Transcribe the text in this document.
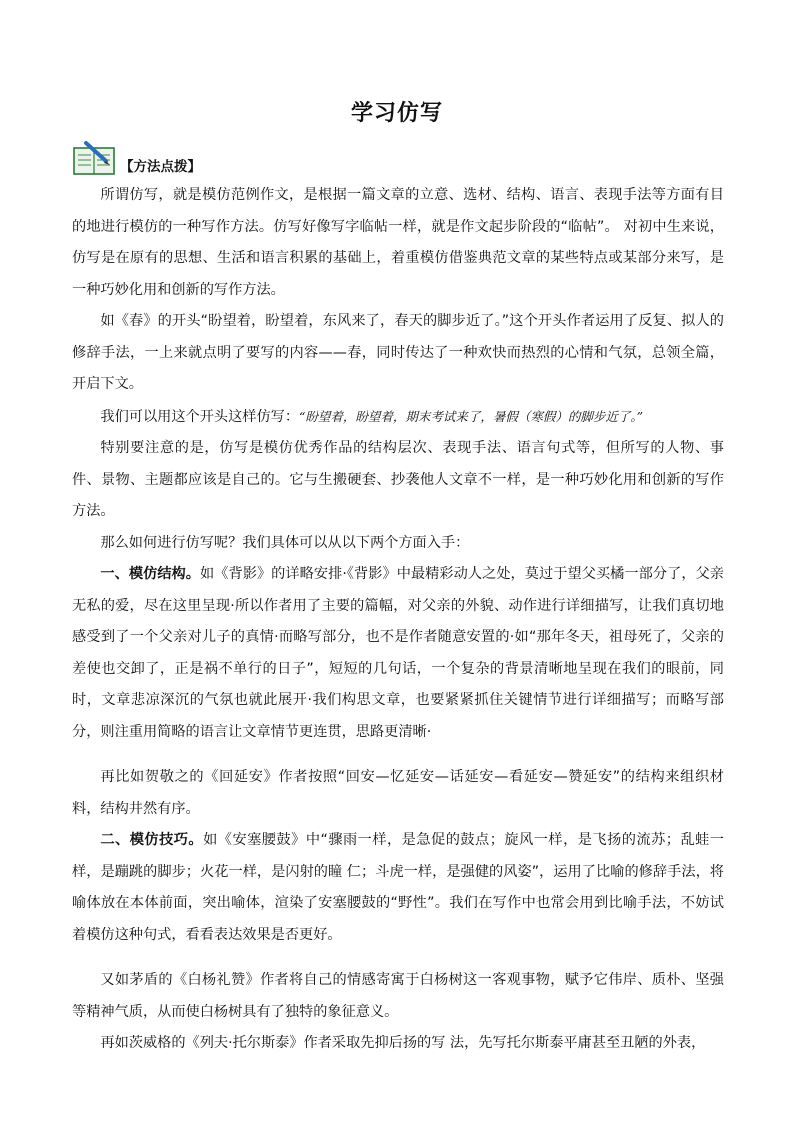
学习仿写
【方法点拨】

所谓仿写，就是模仿范例作文，是根据一篇文章的立意、选材、结构、语言、表现手法等方面有目的地进行模仿的一种写作方法。仿写好像写字临帖一样，就是作文起步阶段的“临帖”。 对初中生来说，仿写是在原有的思想、生活和语言积累的基础上，着重模仿借鉴典范文章的某些特点或某部分来写，是一种巧妙化用和创新的写作方法。

如《春》的开头“盼望着，盼望着，东风来了，春天的脚步近了。”这个开头作者运用了反复、拟人的修辞手法，一上来就点明了要写的内容——春，同时传达了一种欢快而热烈的心情和气氛，总领全篇，开启下文。

我们可以用这个开头这样仿写：“盼望着，盼望着，期末考试来了，暑假（寒假）的脚步近了。”

特别要注意的是，仿写是模仿优秀作品的结构层次、表现手法、语言句式等，但所写的人物、事件、景物、主题都应该是自己的。它与生搬硬套、抄袭他人文章不一样，是一种巧妙化用和创新的写作方法。

那么如何进行仿写呢？我们具体可以从以下两个方面入手：

一、模仿结构。如《背影》的详略安排·《背影》中最精彩动人之处，莫过于望父买橘一部分了，父亲无私的爱，尽在这里呈现·所以作者用了主要的篇幅，对父亲的外貌、动作进行详细描写，让我们真切地感受到了一个父亲对儿子的真情·而略写部分，也不是作者随意安置的·如“那年冬天，祖母死了，父亲的差使也交卸了，正是祸不单行的日子”，短短的几句话，一个复杂的背景清晰地呈现在我们的眼前，同时，文章悲凉深沉的气氛也就此展开·我们构思文章，也要紧紧抓住关键情节进行详细描写；而略写部分，则注重用简略的语言让文章情节更连贯，思路更清晰·

再比如贺敬之的《回延安》作者按照“回安—忆延安—话延安—看延安—赞延安”的结构来组织材料，结构井然有序。

二、模仿技巧。如《安塞腰鼓》中“骤雨一样，是急促的鼓点；旋风一样，是飞扬的流苏；乱蛙一样，是蹦跳的脚步；火花一样，是闪射的瞳 仁；斗虎一样，是强健的风姿”，运用了比喻的修辞手法，将喻体放在本体前面，突出喻体，渲染了安塞腰鼓的“野性”。我们在写作中也常会用到比喻手法，不妨试着模仿这种句式，看看表达效果是否更好。

又如茅盾的《白杨礼赞》作者将自己的情感寄寓于白杨树这一客观事物，赋予它伟岸、质朴、坚强等精神气质，从而使白杨树具有了独特的象征意义。

再如茨威格的《列夫·托尔斯泰》作者采取先抑后扬的写 法，先写托尔斯泰平庸甚至丑陋的外表，
